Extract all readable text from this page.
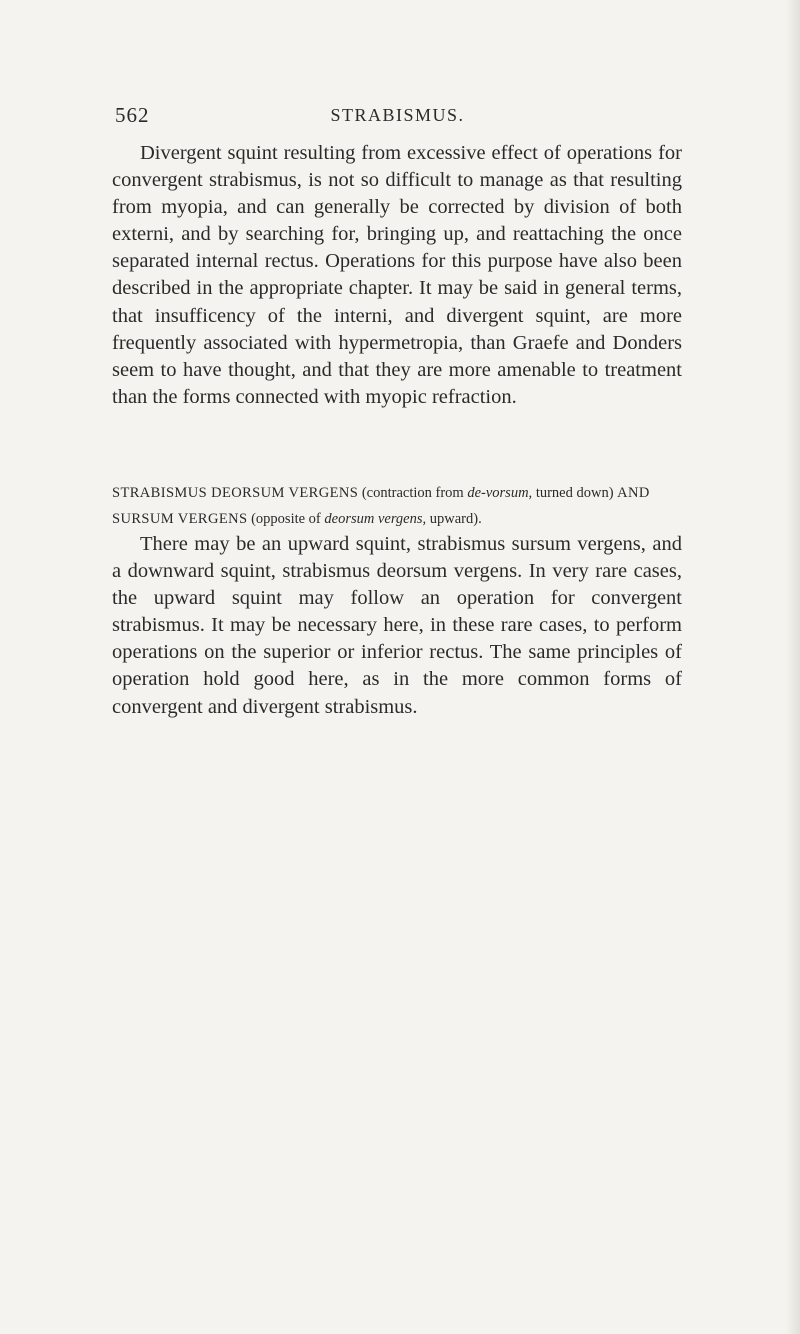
562	STRABISMUS.

Divergent squint resulting from excessive effect of operations for convergent strabismus, is not so difficult to manage as that resulting from myopia, and can generally be corrected by division of both externi, and by searching for, bringing up, and reattaching the once separated internal rectus. Operations for this purpose have also been described in the appropriate chapter. It may be said in general terms, that insufficency of the interni, and divergent squint, are more frequently associated with hypermetropia, than Graefe and Donders seem to have thought, and that they are more amenable to treatment than the forms connected with myopic refraction.

STRABISMUS DEORSUM VERGENS (contraction from de-vorsum, turned down) AND SURSUM VERGENS (opposite of deorsum vergens, upward).

There may be an upward squint, strabismus sursum vergens, and a downward squint, strabismus deorsum vergens. In very rare cases, the upward squint may follow an operation for convergent strabismus. It may be necessary here, in these rare cases, to perform operations on the superior or inferior rectus. The same principles of operation hold good here, as in the more common forms of convergent and divergent strabismus.
